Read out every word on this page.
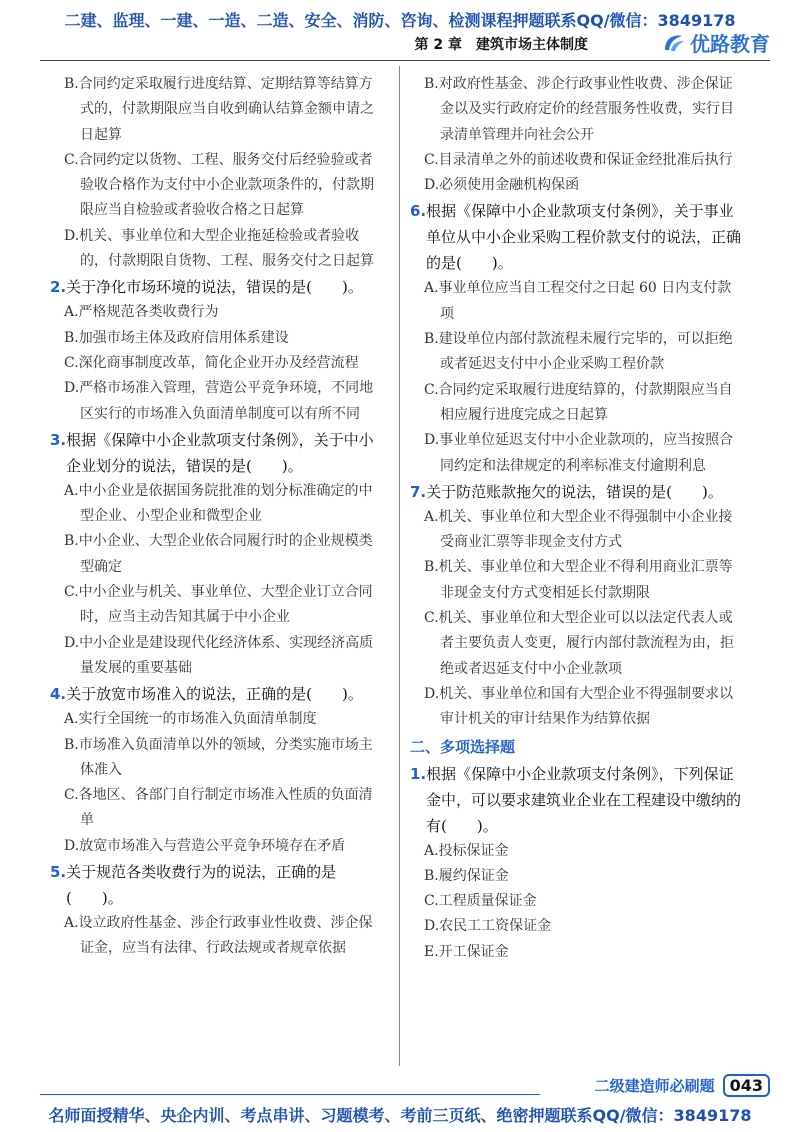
二建、监理、一建、一造、二造、安全、消防、咨询、检测课程押题联系QQ/微信：3849178
第 2 章　建筑市场主体制度	优路教育

B.合同约定采取履行进度结算、定期结算等结算方式的，付款期限应当自收到确认结算金额申请之日起算

C.合同约定以货物、工程、服务交付后经验验或者验收合格作为支付中小企业款项条件的，付款期限应当自检验或者验收合格之日起算

D.机关、事业单位和大型企业拖延检验或者验收的，付款期限自货物、工程、服务交付之日起算

2.关于净化市场环境的说法，错误的是(　　)。

A.严格规范各类收费行为

B.加强市场主体及政府信用体系建设

C.深化商事制度改革，简化企业开办及经营流程

D.严格市场准入管理，营造公平竞争环境，不同地区实行的市场准入负面清单制度可以有所不同

3.根据《保障中小企业款项支付条例》，关于中小企业划分的说法，错误的是(　　)。

A.中小企业是依据国务院批准的划分标准确定的中型企业、小型企业和微型企业

B.中小企业、大型企业依合同履行时的企业规模类型确定

C.中小企业与机关、事业单位、大型企业订立合同时，应当主动告知其属于中小企业

D.中小企业是建设现代化经济体系、实现经济高质量发展的重要基础

4.关于放宽市场准入的说法，正确的是(　　)。

A.实行全国统一的市场准入负面清单制度

B.市场准入负面清单以外的领域，分类实施市场主体准入

C.各地区、各部门自行制定市场准入性质的负面清单

D.放宽市场准入与营造公平竞争环境存在矛盾

5.关于规范各类收费行为的说法，正确的是(　　)。

A.设立政府性基金、涉企行政事业性收费、涉企保证金，应当有法律、行政法规或者规章依据

B.对政府性基金、涉企行政事业性收费、涉企保证金以及实行政府定价的经营服务性收费，实行目录清单管理并向社会公开

C.目录清单之外的前述收费和保证金经批准后执行

D.必须使用金融机构保函

6.根据《保障中小企业款项支付条例》，关于事业单位从中小企业采购工程价款支付的说法，正确的是(　　)。

A.事业单位应当自工程交付之日起 60 日内支付款项

B.建设单位内部付款流程未履行完毕的，可以拒绝或者延迟支付中小企业采购工程价款

C.合同约定采取履行进度结算的，付款期限应当自相应履行进度完成之日起算

D.事业单位延迟支付中小企业款项的，应当按照合同约定和法律规定的利率标准支付逾期利息

7.关于防范账款拖欠的说法，错误的是(　　)。

A.机关、事业单位和大型企业不得强制中小企业接受商业汇票等非现金支付方式

B.机关、事业单位和大型企业不得利用商业汇票等非现金支付方式变相延长付款期限

C.机关、事业单位和大型企业可以以法定代表人或者主要负责人变更，履行内部付款流程为由，拒绝或者迟延支付中小企业款项

D.机关、事业单位和国有大型企业不得强制要求以审计机关的审计结果作为结算依据

二、多项选择题

1.根据《保障中小企业款项支付条例》，下列保证金中，可以要求建筑业企业在工程建设中缴纳的有(　　)。

A.投标保证金

B.履约保证金

C.工程质量保证金

D.农民工工资保证金

E.开工保证金

二级建造师必刷题 043
名师面授精华、央企内训、考点串讲、习题模考、考前三页纸、绝密押题联系QQ/微信：3849178
